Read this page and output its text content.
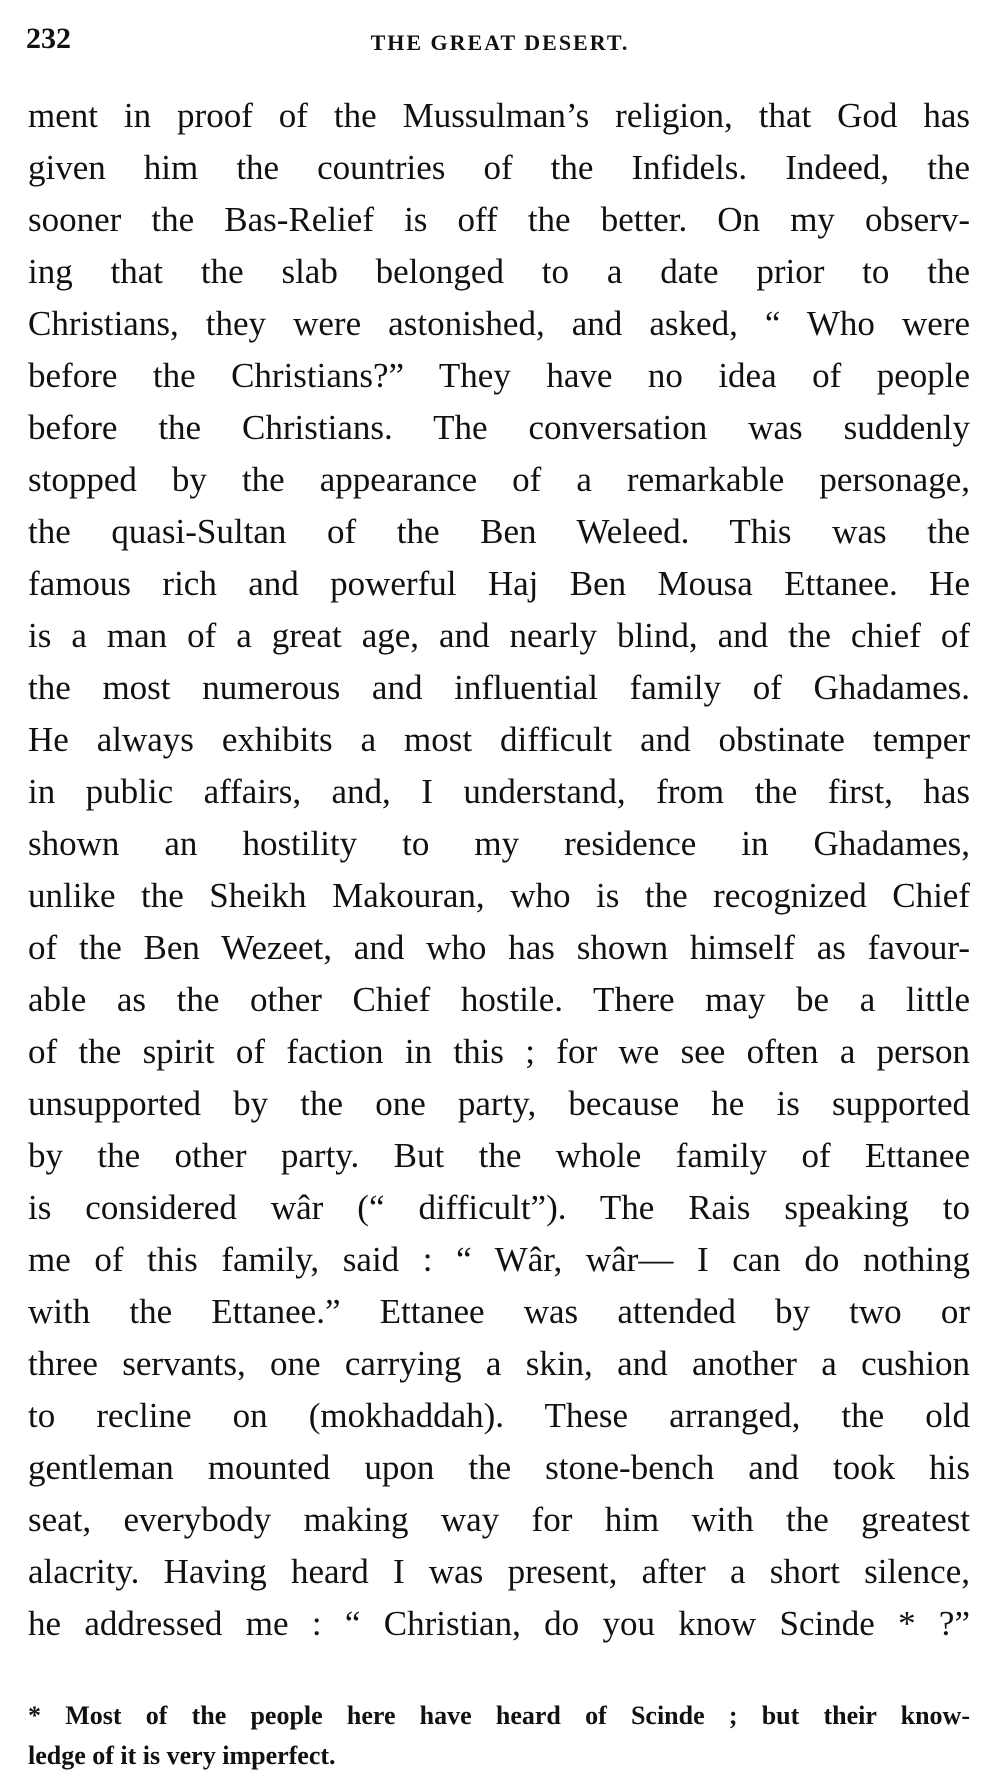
232	THE GREAT DESERT.
ment in proof of the Mussulman’s religion, that God has
given him the countries of the Infidels. Indeed, the
sooner the Bas-Relief is off the better. On my observ-
ing that the slab belonged to a date prior to the
Christians, they were astonished, and asked, “ Who were
before the Christians?” They have no idea of people
before the Christians. The conversation was suddenly
stopped by the appearance of a remarkable personage,
the quasi-Sultan of the Ben Weleed. This was the
famous rich and powerful Haj Ben Mousa Ettanee. He
is a man of a great age, and nearly blind, and the chief of
the most numerous and influential family of Ghadames.
He always exhibits a most difficult and obstinate temper
in public affairs, and, I understand, from the first, has
shown an hostility to my residence in Ghadames,
unlike the Sheikh Makouran, who is the recognized Chief
of the Ben Wezeet, and who has shown himself as favour-
able as the other Chief hostile. There may be a little
of the spirit of faction in this ; for we see often a person
unsupported by the one party, because he is supported
by the other party. But the whole family of Ettanee
is considered wâr (“ difficult”). The Rais speaking to
me of this family, said : “ Wâr, wâr— I can do nothing
with the Ettanee.” Ettanee was attended by two or
three servants, one carrying a skin, and another a cushion
to recline on (mokhaddah). These arranged, the old
gentleman mounted upon the stone-bench and took his
seat, everybody making way for him with the greatest
alacrity. Having heard I was present, after a short silence,
he addressed me : “ Christian, do you know Scinde * ?”
* Most of the people here have heard of Scinde ; but their know-
ledge of it is very imperfect.
